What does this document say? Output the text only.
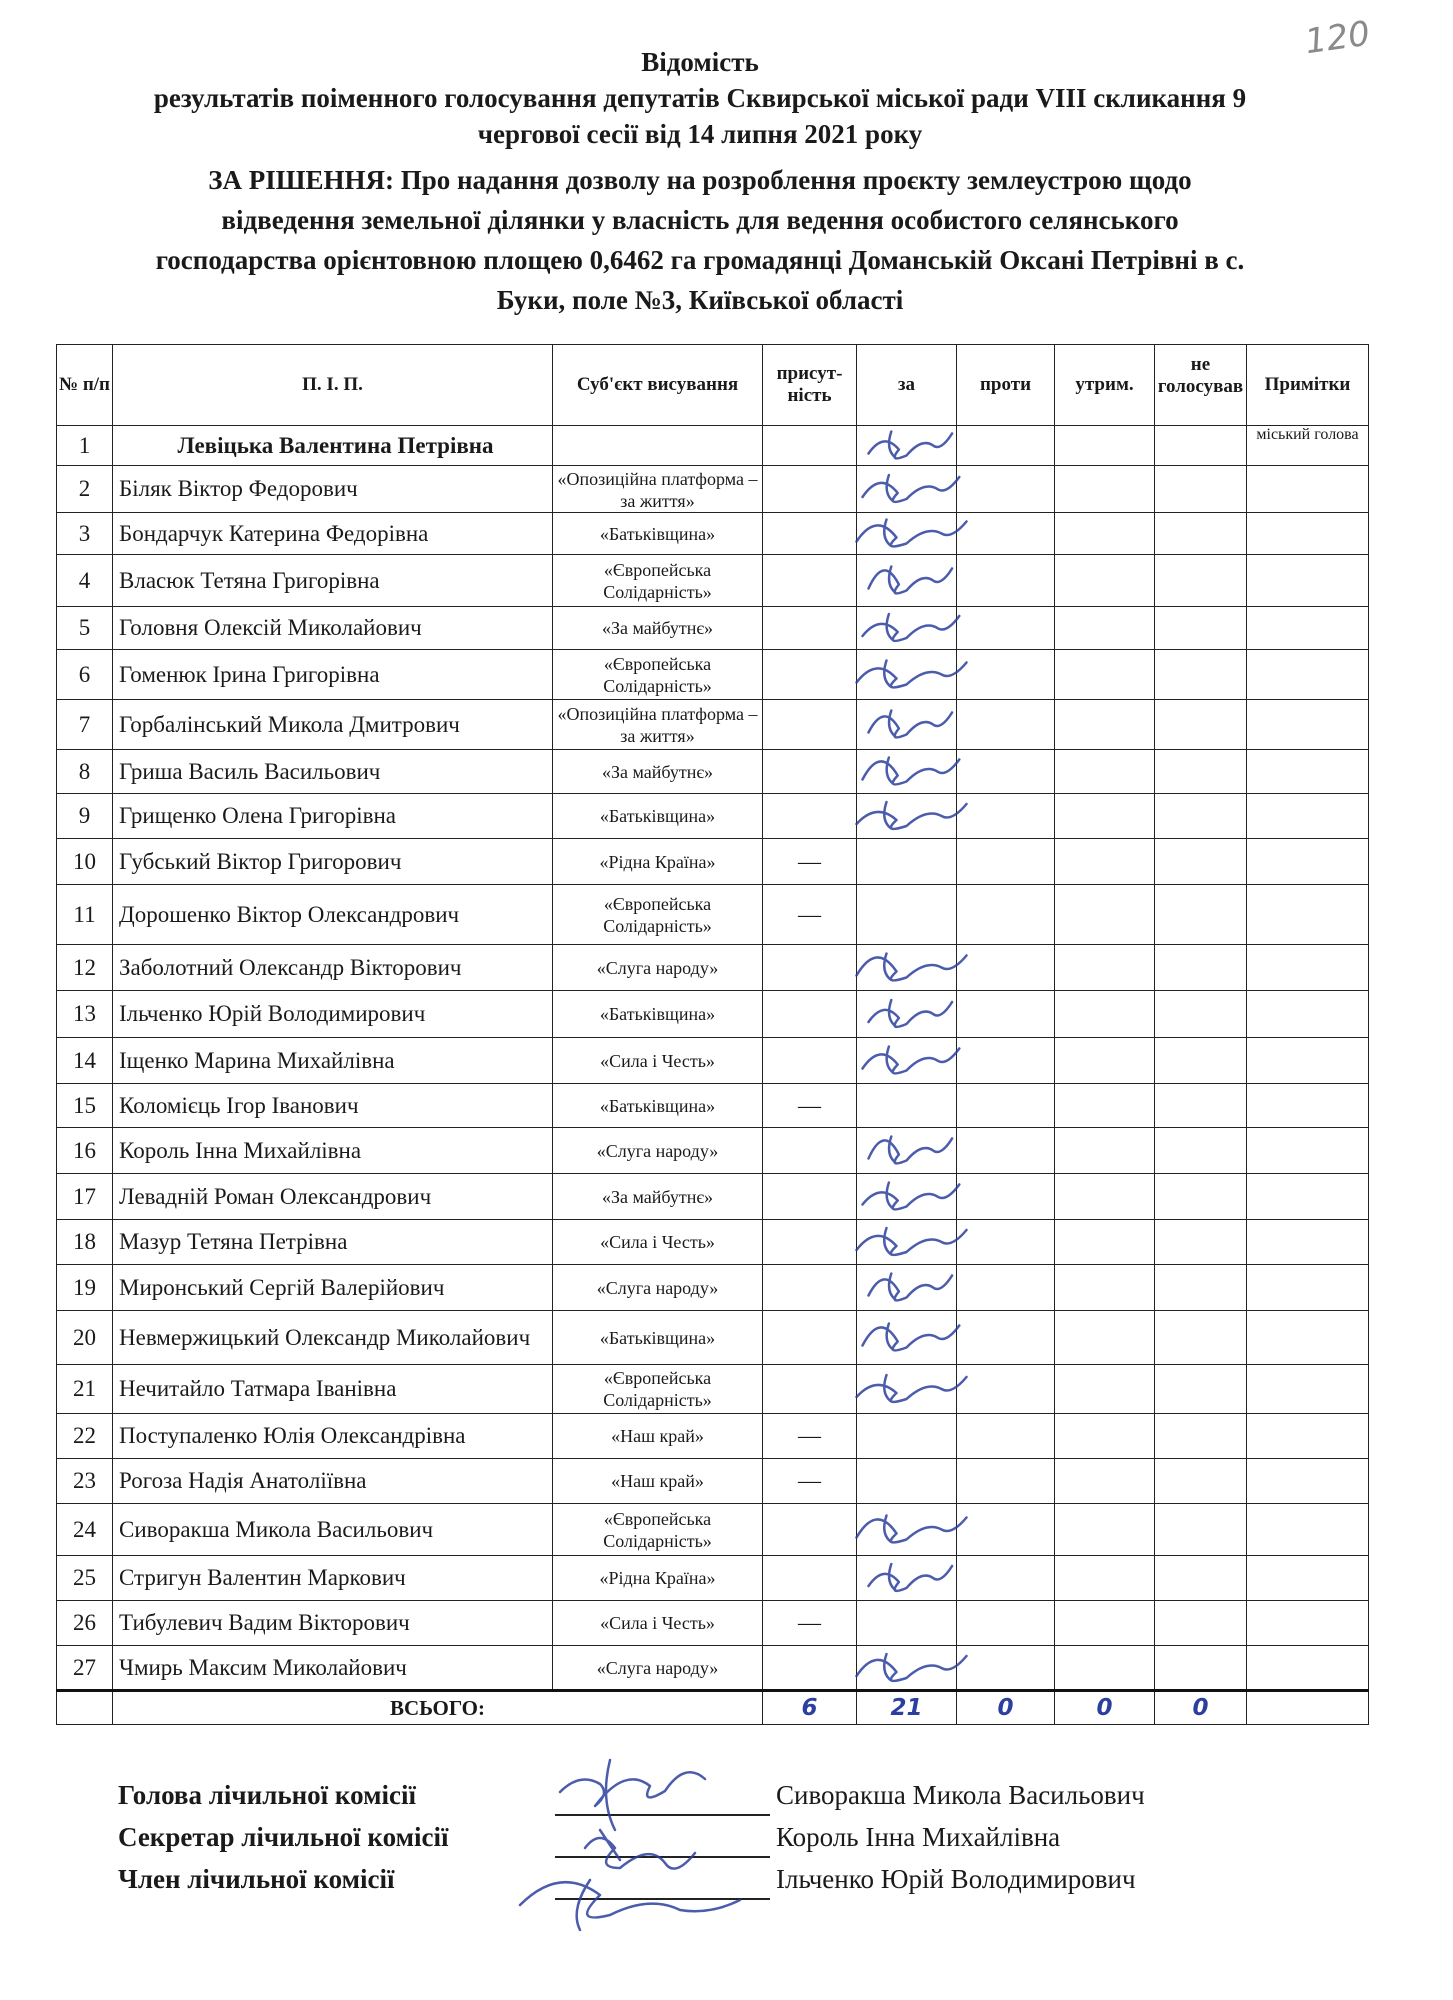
120
Відомість
результатів поіменного голосування депутатів Сквирської міської ради VIII скликання 9
чергової сесії від 14 липня 2021 року
ЗА РІШЕННЯ: Про надання дозволу на розроблення проєкту землеустрою щодо
відведення земельної ділянки у власність для ведення особистого селянського
господарства орієнтовною площею 0,6462 га громадянці Доманській Оксані Петрівні в с.
Буки, поле №3, Київської області
№ п/п	П. І. П.	Суб'єкт висування	присут-ність	за	проти	утрим.	не голосував	Примітки

1	Левіцька Валентина Петрівна							міський голова

2	Біляк Віктор Федорович	«Опозиційна платформа – за життя»						

3	Бондарчук Катерина Федорівна	«Батьківщина»						

4	Власюк Тетяна Григорівна	«Європейська Солідарність»						

5	Головня Олексій Миколайович	«За майбутнє»						

6	Гоменюк Ірина Григорівна	«Європейська Солідарність»						

7	Горбалінський Микола Дмитрович	«Опозиційна платформа – за життя»						

8	Гриша Василь Васильович	«За майбутнє»						

9	Грищенко Олена Григорівна	«Батьківщина»						

10	Губський Віктор Григорович	«Рідна Країна»	—					

11	Дорошенко Віктор Олександрович	«Європейська Солідарність»	—					

12	Заболотний Олександр Вікторович	«Слуга народу»						

13	Ільченко Юрій Володимирович	«Батьківщина»						

14	Іщенко Марина Михайлівна	«Сила і Честь»						

15	Коломієць Ігор Іванович	«Батьківщина»	—					

16	Король Інна Михайлівна	«Слуга народу»						

17	Левадній Роман Олександрович	«За майбутнє»						

18	Мазур Тетяна Петрівна	«Сила і Честь»						

19	Миронський Сергій Валерійович	«Слуга народу»						

20	Невмержицький Олександр Миколайович	«Батьківщина»						

21	Нечитайло Татмара Іванівна	«Європейська Солідарність»						

22	Поступаленко Юлія Олександрівна	«Наш край»	—					

23	Рогоза Надія Анатоліївна	«Наш край»	—					

24	Сиворакша Микола Васильович	«Європейська Солідарність»						

25	Стригун Валентин Маркович	«Рідна Країна»						

26	Тибулевич Вадим Вікторович	«Сила і Честь»	—					

27	Чмирь Максим Миколайович	«Слуга народу»						

	ВСЬОГО:		6	21	0	0	0	
Голова лічильної комісії	Сиворакша Микола Васильович
Секретар лічильної комісії	Король Інна Михайлівна
Член лічильної комісії	Ільченко Юрій Володимирович
